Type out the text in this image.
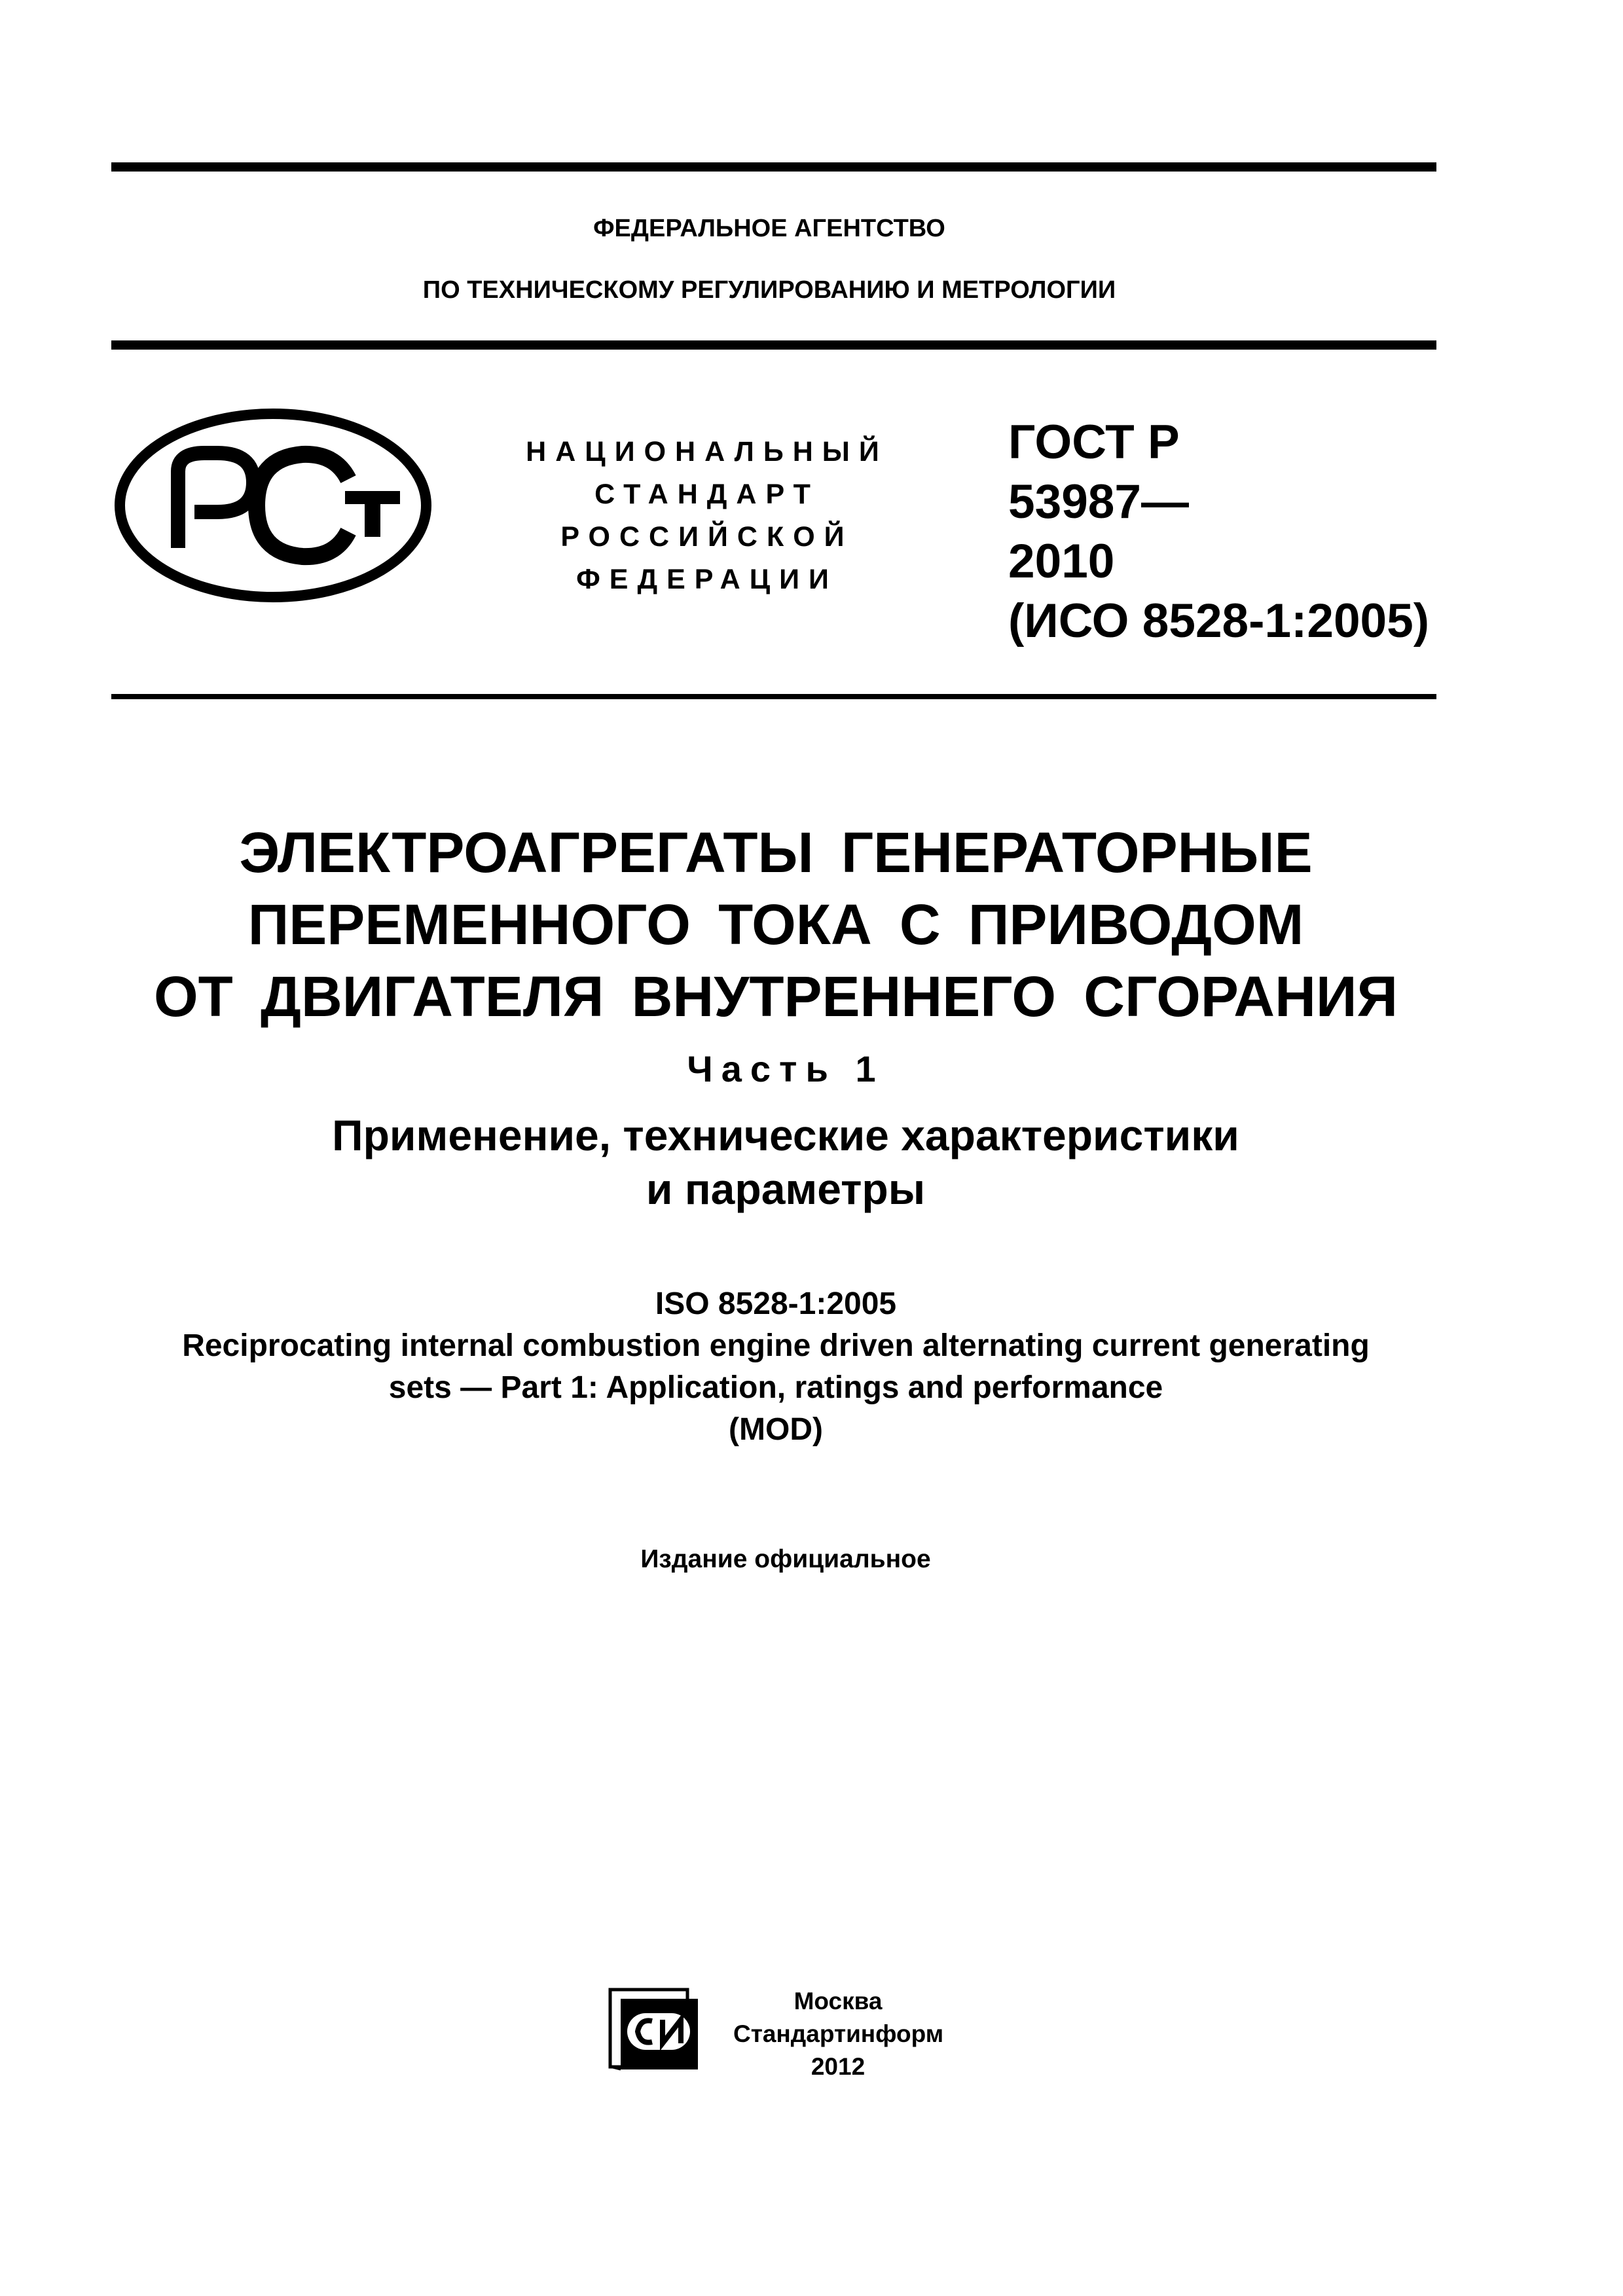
ФЕДЕРАЛЬНОЕ АГЕНТСТВО
ПО ТЕХНИЧЕСКОМУ РЕГУЛИРОВАНИЮ И МЕТРОЛОГИИ
НАЦИОНАЛЬНЫЙ
СТАНДАРТ
РОССИЙСКОЙ
ФЕДЕРАЦИИ
ГОСТ Р
53987—
2010
(ИСО 8528-1:2005)
ЭЛЕКТРОАГРЕГАТЫ ГЕНЕРАТОРНЫЕ
ПЕРЕМЕННОГО ТОКА С ПРИВОДОМ
ОТ ДВИГАТЕЛЯ ВНУТРЕННЕГО СГОРАНИЯ
Часть 1
Применение, технические характеристики
и параметры
ISO 8528-1:2005
Reciprocating internal combustion engine driven alternating current generating
sets — Part 1: Application, ratings and performance
(MOD)
Издание официальное
Москва
Стандартинформ
2012
